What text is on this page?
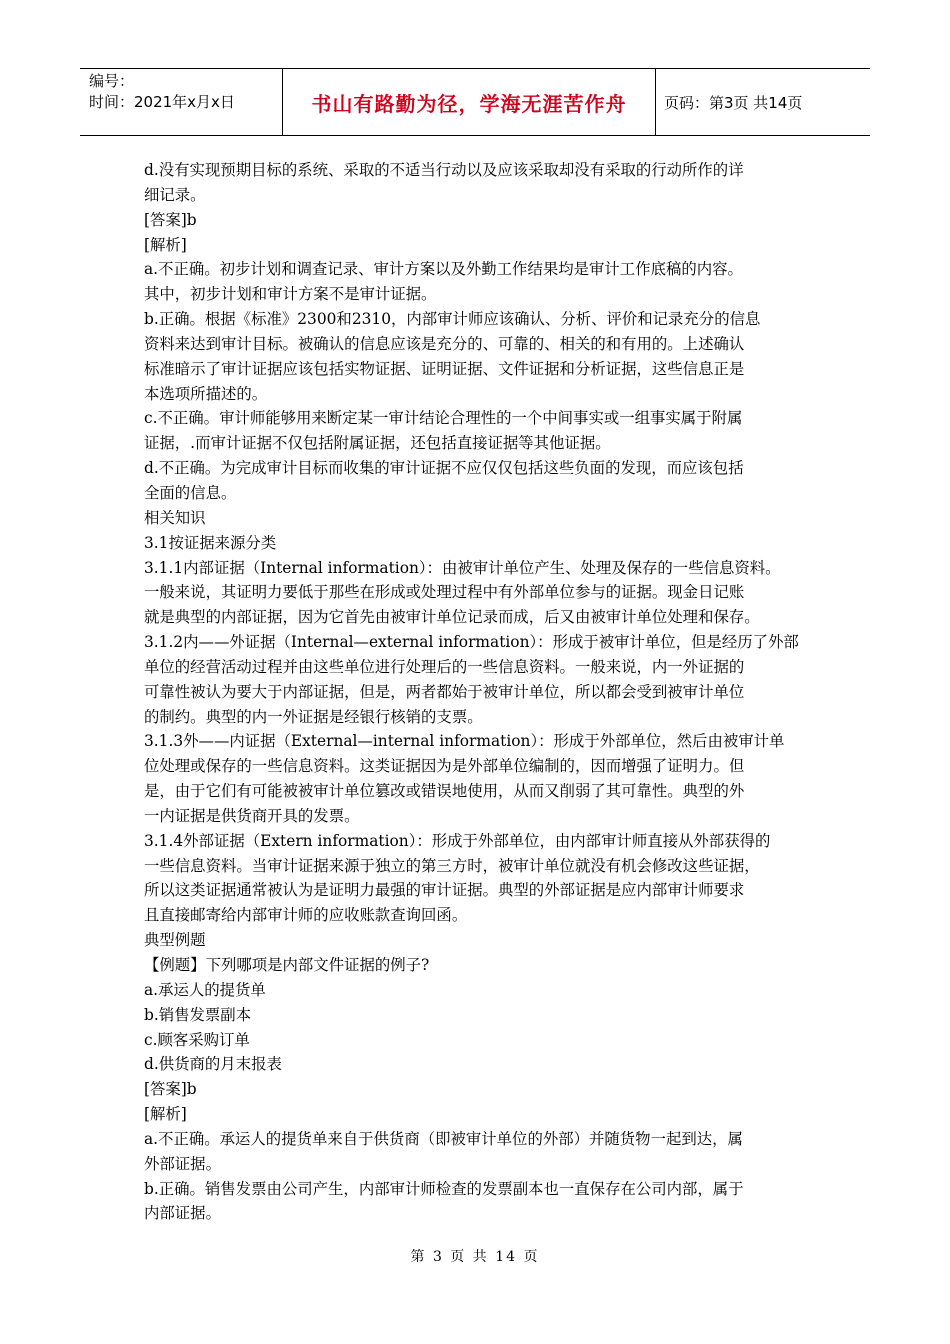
编号：
时间：2021年x月x日	书山有路勤为径，学海无涯苦作舟	页码：第3页 共14页

d.没有实现预期目标的系统、采取的不适当行动以及应该采取却没有采取的行动所作的详

细记录。

[答案]b

[解析]

a.不正确。初步计划和调查记录、审计方案以及外勤工作结果均是审计工作底稿的内容。

其中，初步计划和审计方案不是审计证据。

b.正确。根据《标准》2300和2310，内部审计师应该确认、分析、评价和记录充分的信息

资料来达到审计目标。被确认的信息应该是充分的、可靠的、相关的和有用的。上述确认

标准暗示了审计证据应该包括实物证据、证明证据、文件证据和分析证据，这些信息正是

本选项所描述的。

c.不正确。审计师能够用来断定某一审计结论合理性的一个中间事实或一组事实属于附属

证据，.而审计证据不仅包括附属证据，还包括直接证据等其他证据。

d.不正确。为完成审计目标而收集的审计证据不应仅仅包括这些负面的发现，而应该包括

全面的信息。

相关知识

3.1按证据来源分类

3.1.1内部证据（Internal information）：由被审计单位产生、处理及保存的一些信息资料。

一般来说，其证明力要低于那些在形成或处理过程中有外部单位参与的证据。现金日记账

就是典型的内部证据，因为它首先由被审计单位记录而成，后又由被审计单位处理和保存。

3.1.2内——外证据（Internal—external information）：形成于被审计单位，但是经历了外部

单位的经营活动过程并由这些单位进行处理后的一些信息资料。一般来说，内一外证据的

可靠性被认为要大于内部证据，但是，两者都始于被审计单位，所以都会受到被审计单位

的制约。典型的内一外证据是经银行核销的支票。

3.1.3外——内证据（External—internal information）：形成于外部单位，然后由被审计单

位处理或保存的一些信息资料。这类证据因为是外部单位编制的，因而增强了证明力。但

是，由于它们有可能被被审计单位篡改或错误地使用，从而又削弱了其可靠性。典型的外

一内证据是供货商开具的发票。

3.1.4外部证据（Extern information）：形成于外部单位，由内部审计师直接从外部获得的

一些信息资料。当审计证据来源于独立的第三方时，被审计单位就没有机会修改这些证据，

所以这类证据通常被认为是证明力最强的审计证据。典型的外部证据是应内部审计师要求

且直接邮寄给内部审计师的应收账款查询回函。

典型例题

【例题】下列哪项是内部文件证据的例子?

a.承运人的提货单

b.销售发票副本

c.顾客采购订单

d.供货商的月末报表

[答案]b

[解析]

a.不正确。承运人的提货单来自于供货商（即被审计单位的外部）并随货物一起到达，属

外部证据。

b.正确。销售发票由公司产生，内部审计师检查的发票副本也一直保存在公司内部，属于

内部证据。

第 3 页 共 14 页
